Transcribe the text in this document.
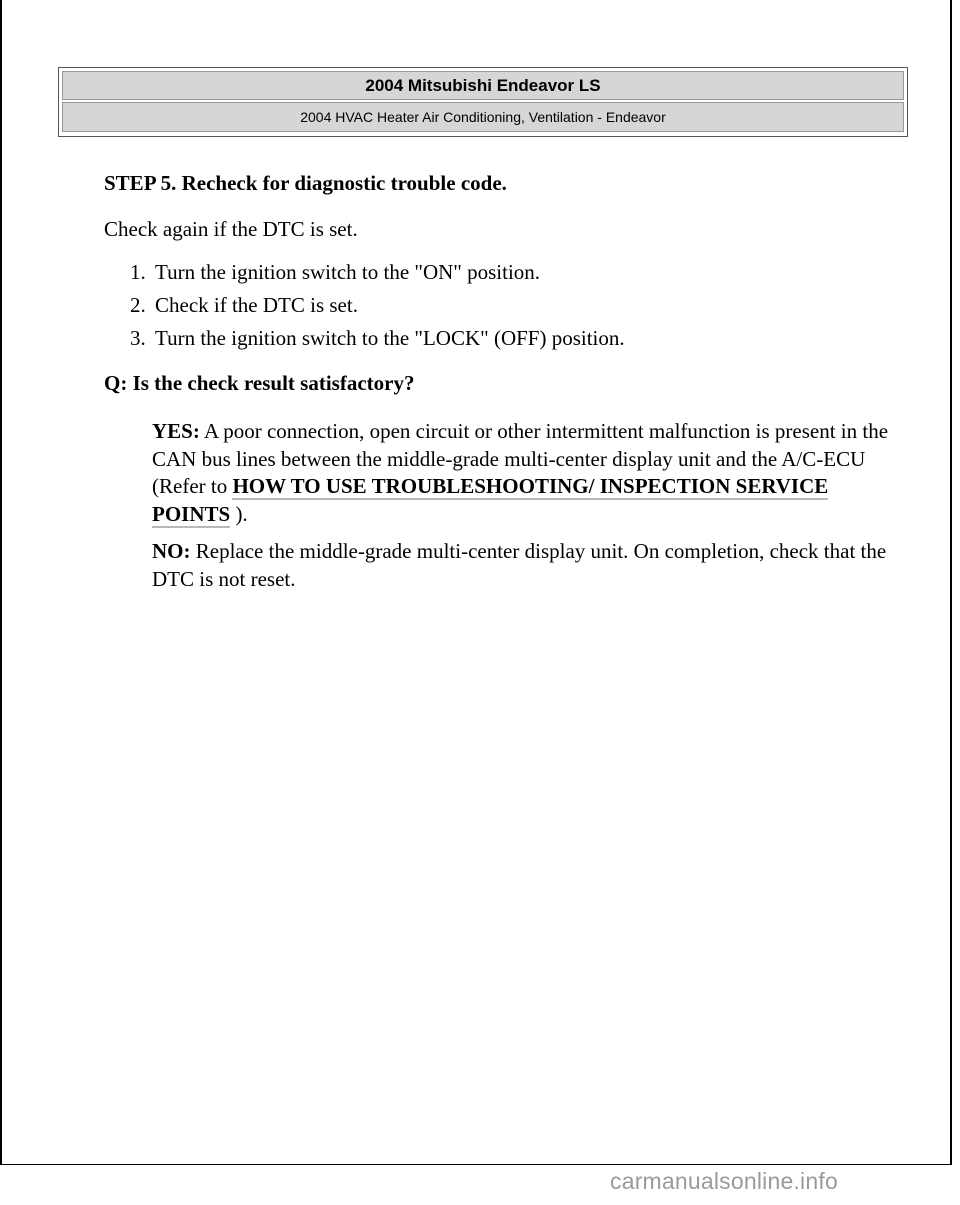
2004 Mitsubishi Endeavor LS
2004 HVAC Heater Air Conditioning, Ventilation - Endeavor

STEP 5. Recheck for diagnostic trouble code.

Check again if the DTC is set.

1. Turn the ignition switch to the "ON" position.
2. Check if the DTC is set.
3. Turn the ignition switch to the "LOCK" (OFF) position.

Q: Is the check result satisfactory?

YES: A poor connection, open circuit or other intermittent malfunction is present in the CAN bus lines between the middle-grade multi-center display unit and the A/C-ECU (Refer to HOW TO USE TROUBLESHOOTING/ INSPECTION SERVICE POINTS ).
NO: Replace the middle-grade multi-center display unit. On completion, check that the DTC is not reset.
carmanualsonline.info
